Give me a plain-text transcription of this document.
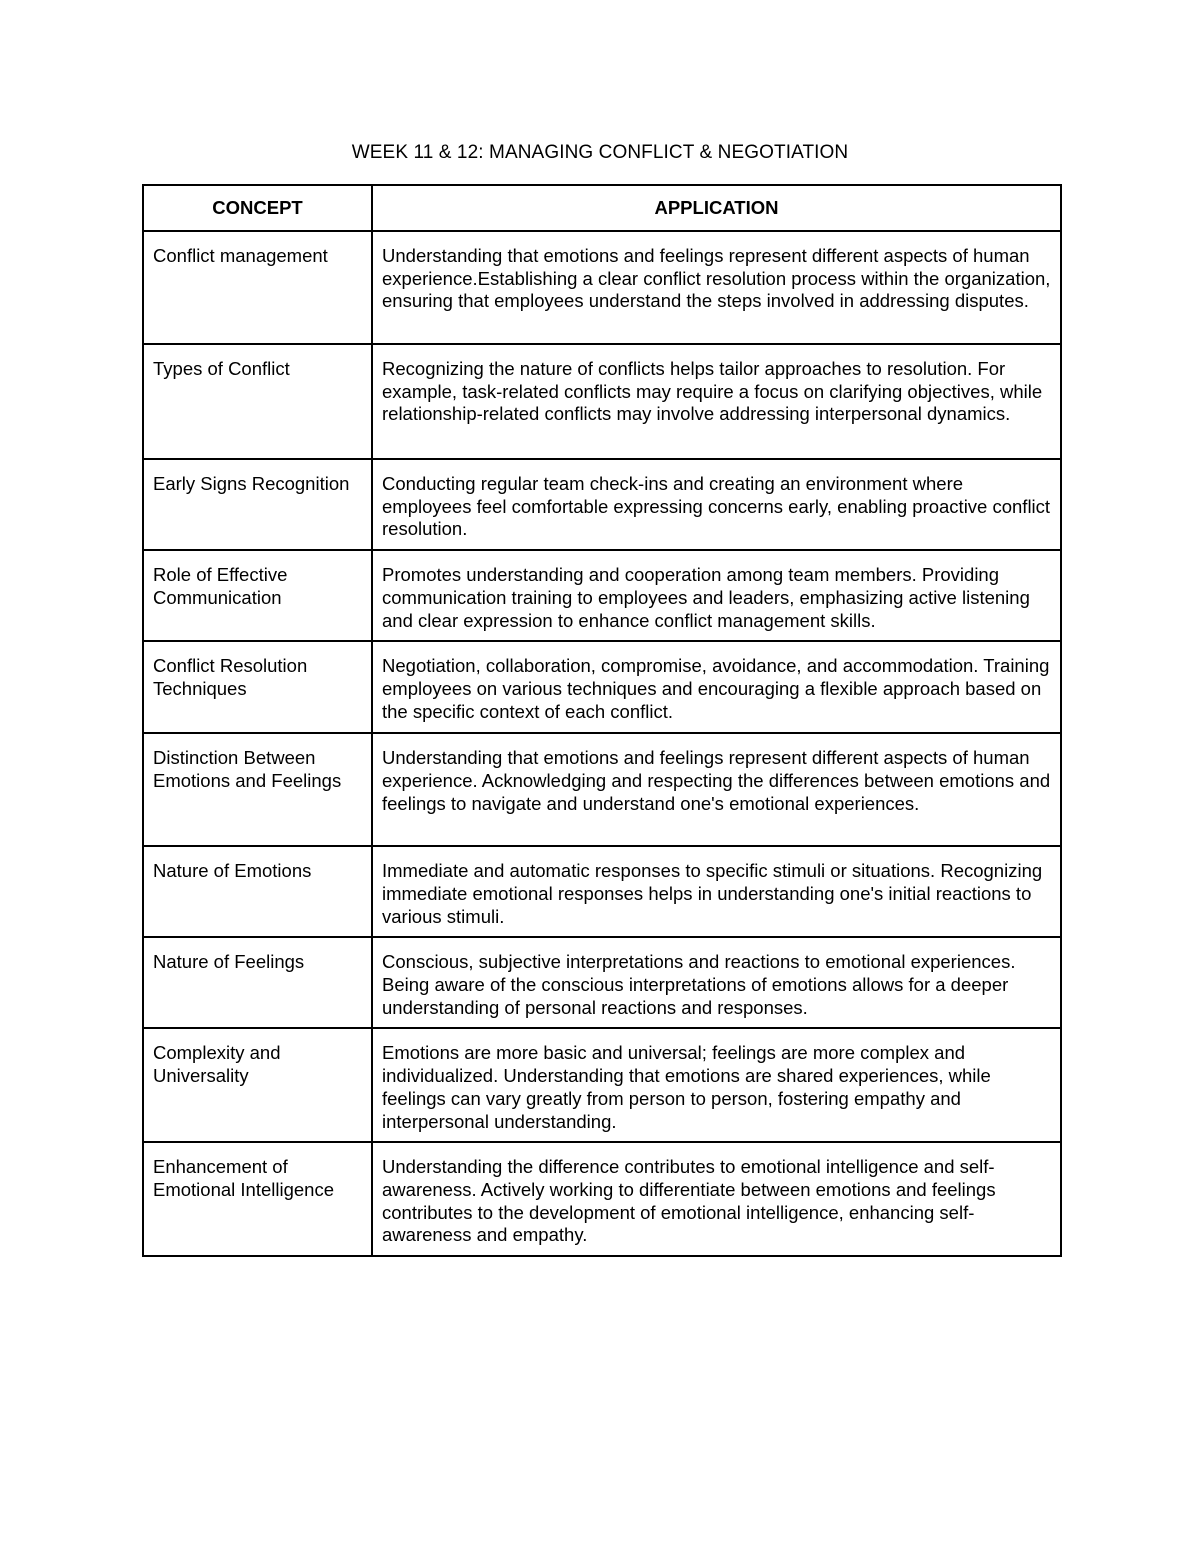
WEEK 11 & 12: MANAGING CONFLICT & NEGOTIATION
CONCEPT	APPLICATION
Conflict management	Understanding that emotions and feelings represent different aspects of human experience.Establishing a clear conflict resolution process within the organization, ensuring that employees understand the steps involved in addressing disputes.
Types of Conflict	Recognizing the nature of conflicts helps tailor approaches to resolution. For example, task-related conflicts may require a focus on clarifying objectives, while relationship-related conflicts may involve addressing interpersonal dynamics.
Early Signs Recognition	Conducting regular team check-ins and creating an environment where employees feel comfortable expressing concerns early, enabling proactive conflict resolution.
Role of Effective Communication	Promotes understanding and cooperation among team members. Providing communication training to employees and leaders, emphasizing active listening and clear expression to enhance conflict management skills.
Conflict Resolution Techniques	Negotiation, collaboration, compromise, avoidance, and accommodation. Training employees on various techniques and encouraging a flexible approach based on the specific context of each conflict.
Distinction Between Emotions and Feelings	Understanding that emotions and feelings represent different aspects of human experience. Acknowledging and respecting the differences between emotions and feelings to navigate and understand one's emotional experiences.
Nature of Emotions	Immediate and automatic responses to specific stimuli or situations. Recognizing immediate emotional responses helps in understanding one's initial reactions to various stimuli.
Nature of Feelings	Conscious, subjective interpretations and reactions to emotional experiences. Being aware of the conscious interpretations of emotions allows for a deeper understanding of personal reactions and responses.
Complexity and Universality	Emotions are more basic and universal; feelings are more complex and individualized. Understanding that emotions are shared experiences, while feelings can vary greatly from person to person, fostering empathy and interpersonal understanding.
Enhancement of Emotional Intelligence	Understanding the difference contributes to emotional intelligence and self-awareness. Actively working to differentiate between emotions and feelings contributes to the development of emotional intelligence, enhancing self-awareness and empathy.
